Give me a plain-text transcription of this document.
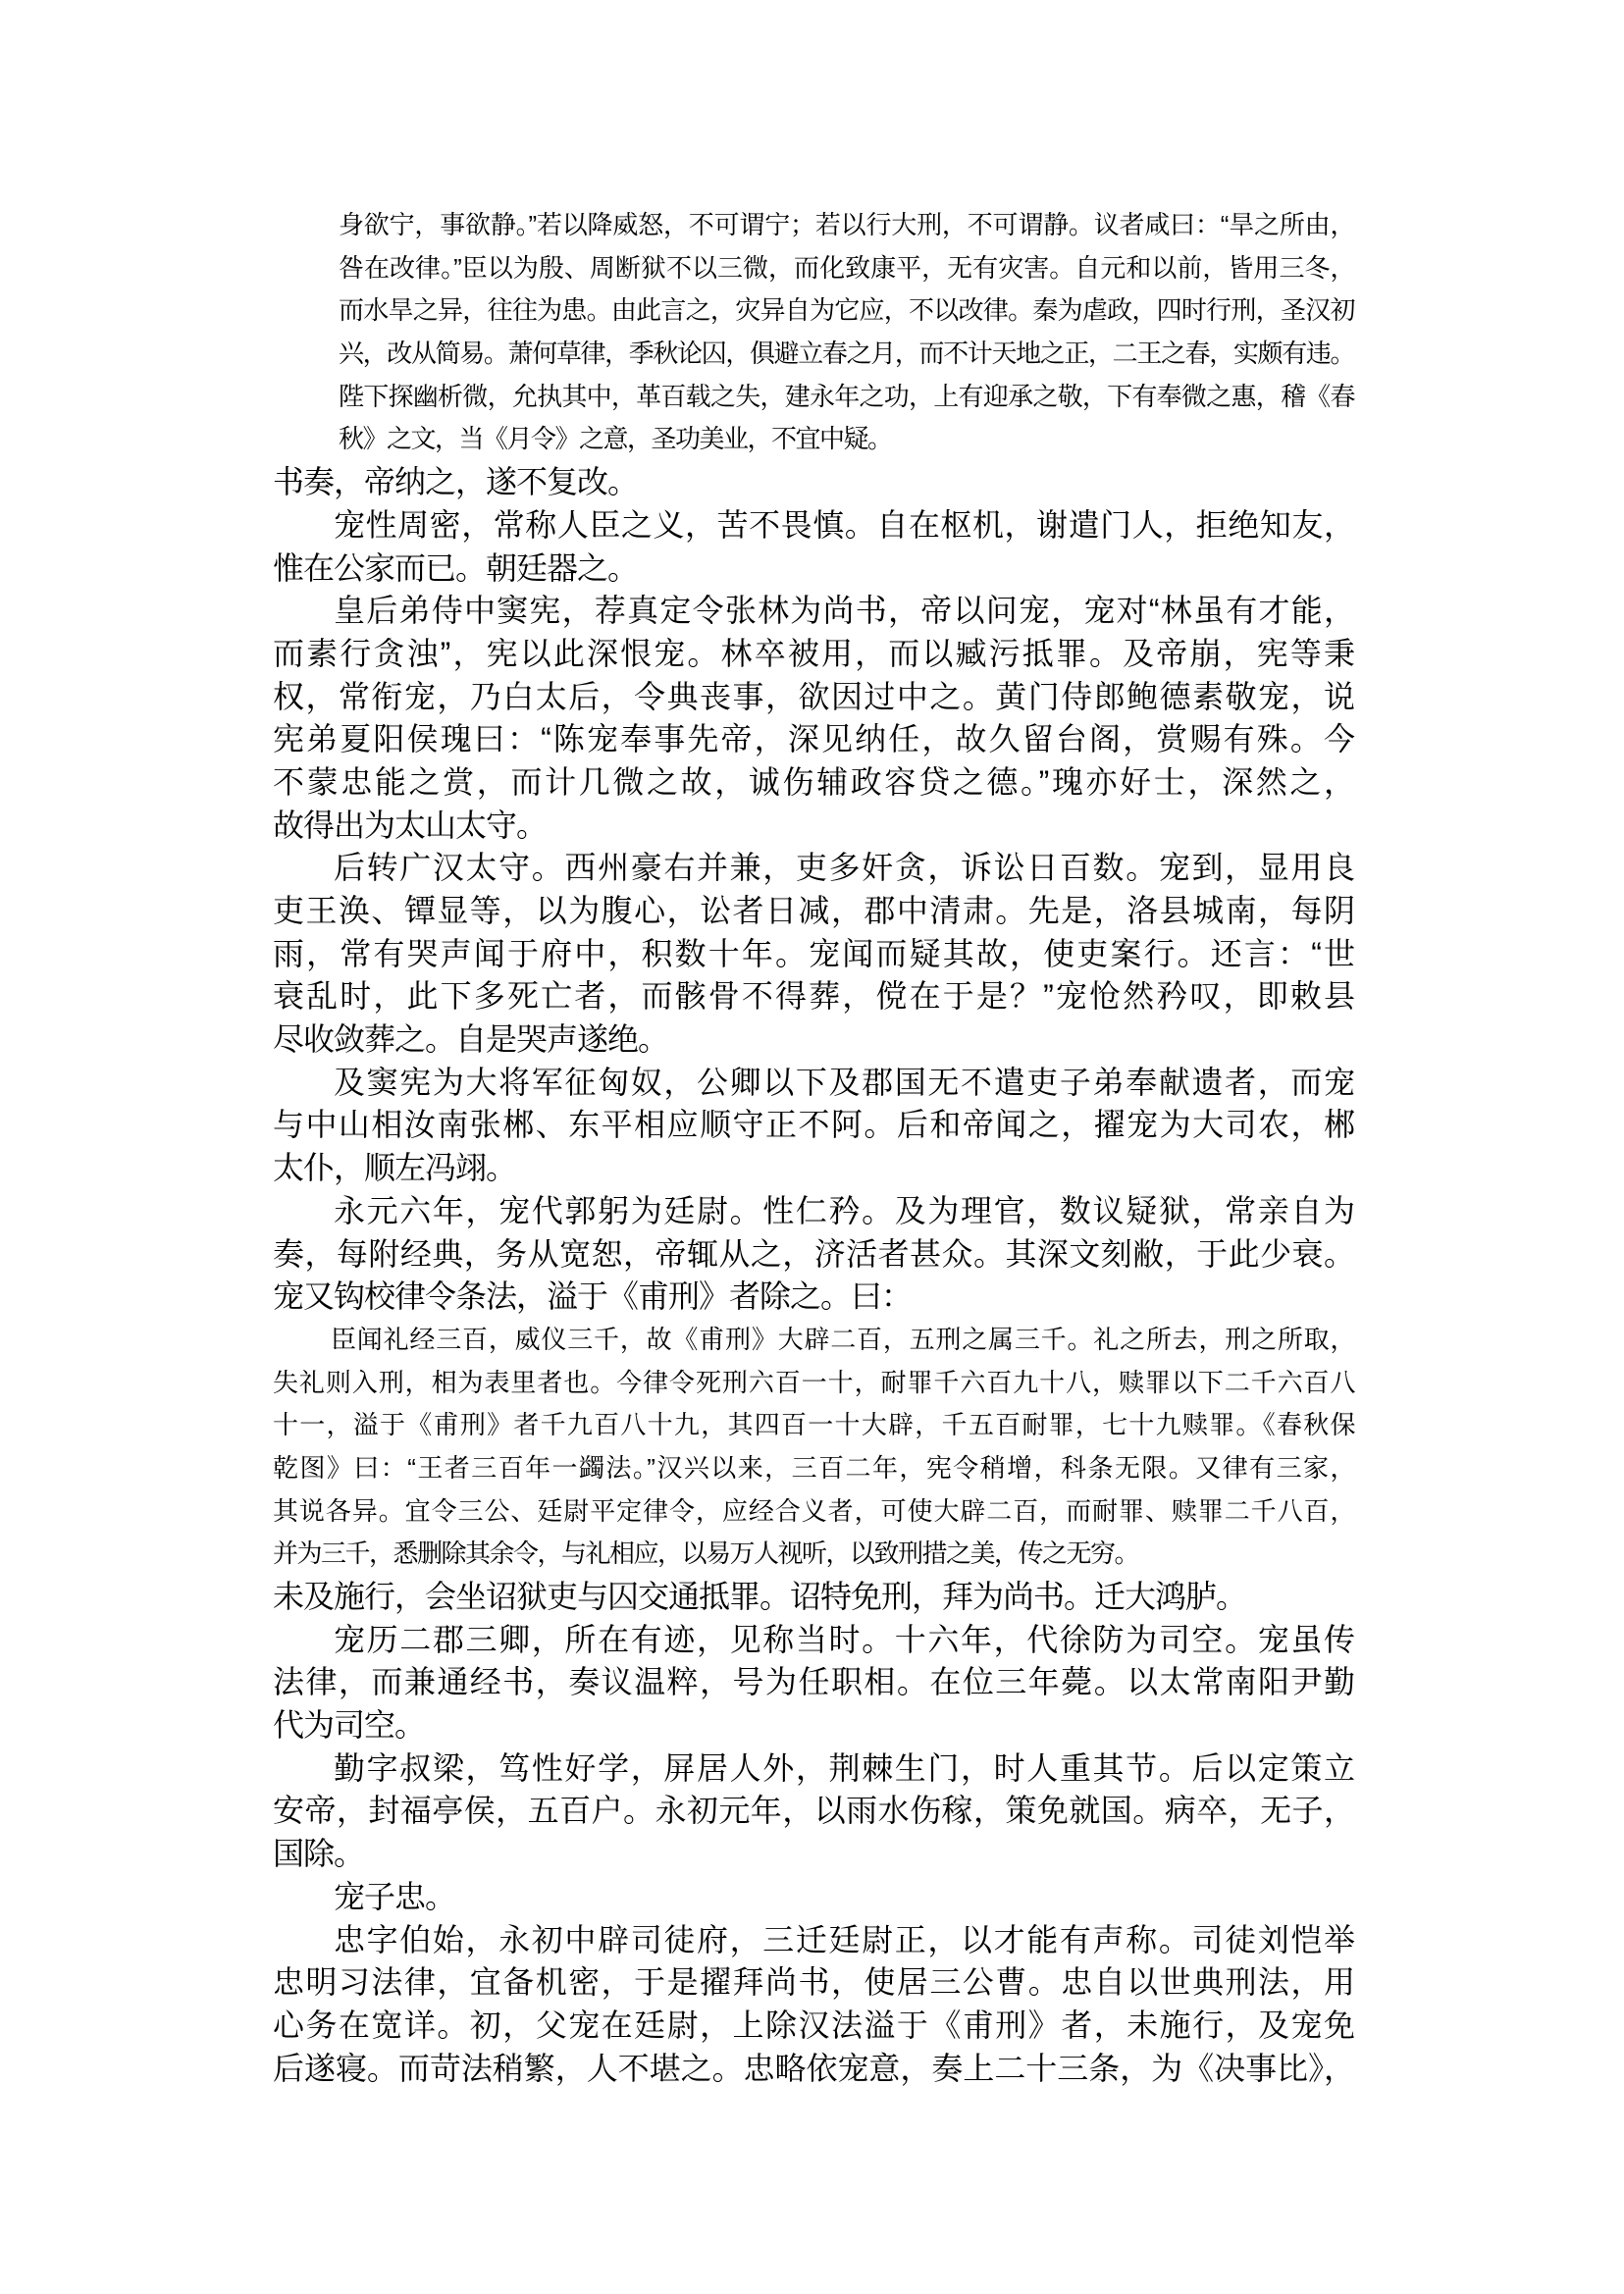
身欲宁，事欲静。”若以降威怒，不可谓宁；若以行大刑，不可谓静。议者咸曰：“旱之所由，
咎在改律。”臣以为殷、周断狱不以三微，而化致康平，无有灾害。自元和以前，皆用三冬，
而水旱之异，往往为患。由此言之，灾异自为它应，不以改律。秦为虐政，四时行刑，圣汉初
兴，改从简易。萧何草律，季秋论囚，俱避立春之月，而不计天地之正，二王之春，实颇有违。
陛下探幽析微，允执其中，革百载之失，建永年之功，上有迎承之敬，下有奉微之惠，稽《春
秋》之文，当《月令》之意，圣功美业，不宜中疑。
书奏，帝纳之，遂不复改。
宠性周密，常称人臣之义，苦不畏慎。自在枢机，谢遣门人，拒绝知友，
惟在公家而已。朝廷器之。
皇后弟侍中窦宪，荐真定令张林为尚书，帝以问宠，宠对“林虽有才能，
而素行贪浊”，宪以此深恨宠。林卒被用，而以臧污抵罪。及帝崩，宪等秉
权，常衔宠，乃白太后，令典丧事，欲因过中之。黄门侍郎鲍德素敬宠，说
宪弟夏阳侯瑰曰：“陈宠奉事先帝，深见纳任，故久留台阁，赏赐有殊。今
不蒙忠能之赏，而计几微之故，诚伤辅政容贷之德。”瑰亦好士，深然之，
故得出为太山太守。
后转广汉太守。西州豪右并兼，吏多奸贪，诉讼日百数。宠到，显用良
吏王涣、镡显等，以为腹心，讼者日减，郡中清肃。先是，洛县城南，每阴
雨，常有哭声闻于府中，积数十年。宠闻而疑其故，使吏案行。还言：“世
衰乱时，此下多死亡者，而骸骨不得葬，傥在于是？”宠怆然矜叹，即敕县
尽收敛葬之。自是哭声遂绝。
及窦宪为大将军征匈奴，公卿以下及郡国无不遣吏子弟奉献遗者，而宠
与中山相汝南张郴、东平相应顺守正不阿。后和帝闻之，擢宠为大司农，郴
太仆，顺左冯翊。
永元六年，宠代郭躬为廷尉。性仁矜。及为理官，数议疑狱，常亲自为
奏，每附经典，务从宽恕，帝辄从之，济活者甚众。其深文刻敝，于此少衰。
宠又钩校律令条法，溢于《甫刑》者除之。曰：
臣闻礼经三百，威仪三千，故《甫刑》大辟二百，五刑之属三千。礼之所去，刑之所取，
失礼则入刑，相为表里者也。今律令死刑六百一十，耐罪千六百九十八，赎罪以下二千六百八
十一，溢于《甫刑》者千九百八十九，其四百一十大辟，千五百耐罪，七十九赎罪。《春秋保
乾图》曰：“王者三百年一蠲法。”汉兴以来，三百二年，宪令稍增，科条无限。又律有三家，
其说各异。宜令三公、廷尉平定律令，应经合义者，可使大辟二百，而耐罪、赎罪二千八百，
并为三千，悉删除其余令，与礼相应，以易万人视听，以致刑措之美，传之无穷。
未及施行，会坐诏狱吏与囚交通抵罪。诏特免刑，拜为尚书。迁大鸿胪。
宠历二郡三卿，所在有迹，见称当时。十六年，代徐防为司空。宠虽传
法律，而兼通经书，奏议温粹，号为任职相。在位三年薨。以太常南阳尹勤
代为司空。
勤字叔梁，笃性好学，屏居人外，荆棘生门，时人重其节。后以定策立
安帝，封福亭侯，五百户。永初元年，以雨水伤稼，策免就国。病卒，无子，
国除。
宠子忠。
忠字伯始，永初中辟司徒府，三迁廷尉正，以才能有声称。司徒刘恺举
忠明习法律，宜备机密，于是擢拜尚书，使居三公曹。忠自以世典刑法，用
心务在宽详。初，父宠在廷尉，上除汉法溢于《甫刑》者，未施行，及宠免
后遂寝。而苛法稍繁，人不堪之。忠略依宠意，奏上二十三条，为《决事比》，
